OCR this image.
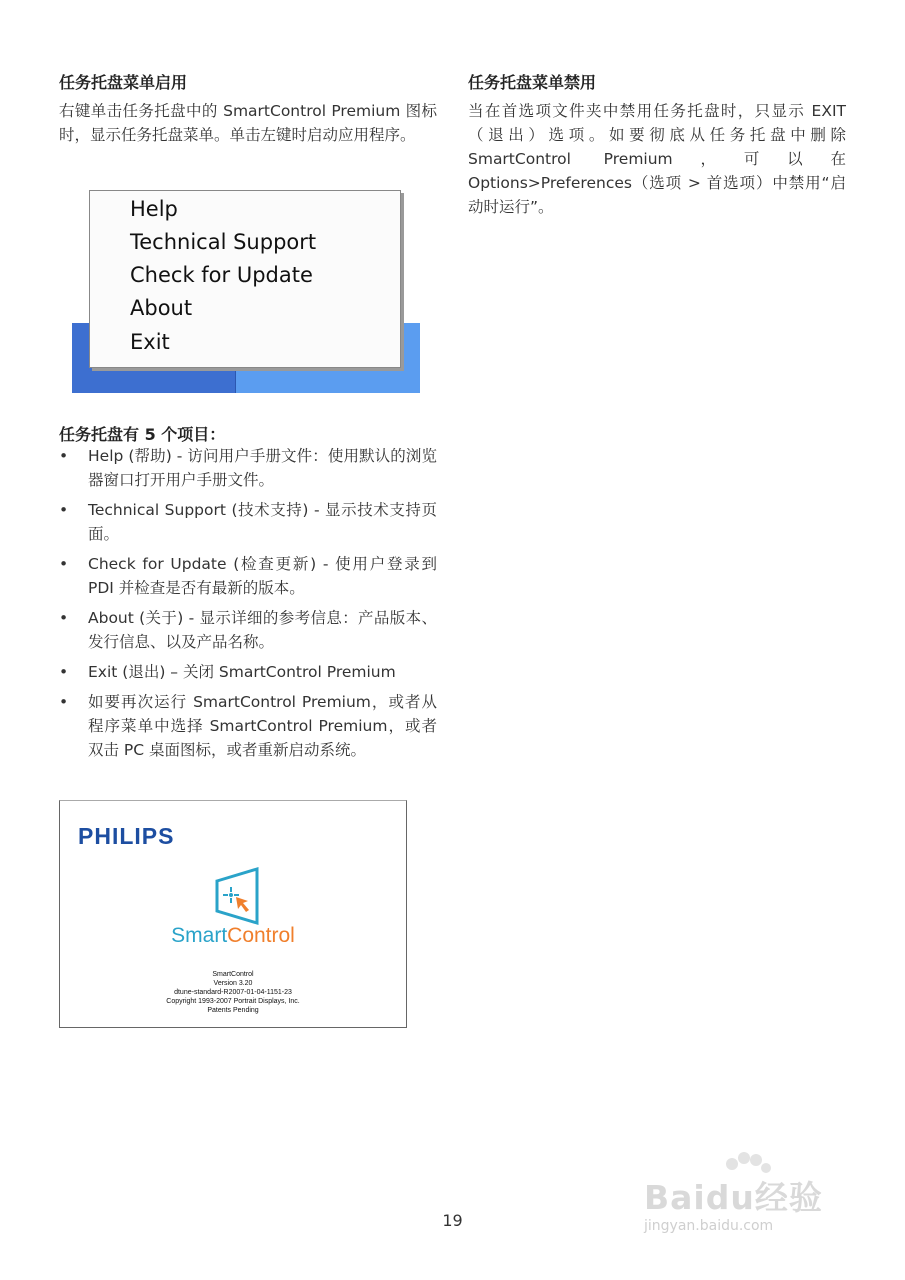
任务托盘菜单启用

右键单击任务托盘中的 SmartControl Premium 图标时，显示任务托盘菜单。单击左键时启动应用程序。

Help
Technical Support
Check for Update
About
Exit

任务托盘有 5 个项目：

• Help (帮助) - 访问用户手册文件：使用默认的浏览器窗口打开用户手册文件。
• Technical Support (技术支持) - 显示技术支持页面。
• Check for Update (检查更新) - 使用户登录到 PDI 并检查是否有最新的版本。
• About (关于) - 显示详细的参考信息：产品版本、发行信息、以及产品名称。
• Exit (退出) – 关闭 SmartControl Premium
• 如要再次运行 SmartControl Premium，或者从程序菜单中选择 SmartControl Premium，或者双击 PC 桌面图标，或者重新启动系统。
PHILIPS
SmartControl
SmartControl
Version 3.20
dtune-standard-R2007-01-04-1151-23
Copyright 1993-2007 Portrait Displays, Inc.
Patents Pending

任务托盘菜单禁用

当在首选项文件夹中禁用任务托盘时，只显示 EXIT（退出）选项。如要彻底从任务托盘中删除 SmartControl Premium，可以在 Options>Preferences（选项 > 首选项）中禁用“启动时运行”。

19
Baidu经验
jingyan.baidu.com
